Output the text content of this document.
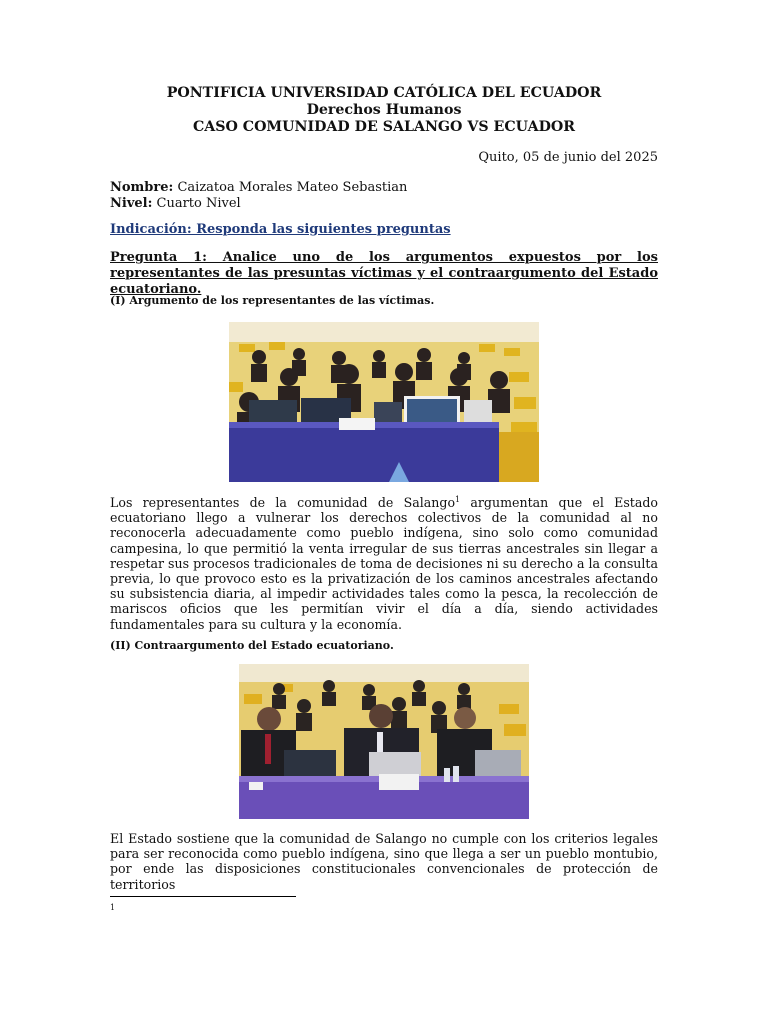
PONTIFICIA UNIVERSIDAD CATÓLICA DEL ECUADOR
Derechos Humanos
CASO COMUNIDAD DE SALANGO VS ECUADOR
Quito, 05 de junio del 2025
Nombre: Caizatoa Morales Mateo Sebastian
Nivel: Cuarto Nivel
Indicación: Responda las siguientes preguntas
Pregunta 1: Analice uno de los argumentos expuestos por los representantes de las presuntas víctimas y el contraargumento del Estado ecuatoriano.
(I) Argumento de los representantes de las víctimas.
Los representantes de la comunidad de Salango$^1$ argumentan que el Estado ecuatoriano llego a vulnerar los derechos colectivos de la comunidad al no reconocerla adecuadamente como pueblo indígena, sino solo como comunidad campesina, lo que permitió la venta irregular de sus tierras ancestrales sin llegar a respetar sus procesos tradicionales de toma de decisiones ni su derecho a la consulta previa, lo que provoco esto es la privatización de los caminos ancestrales afectando su subsistencia diaria, al impedir actividades tales como la pesca, la recolección de mariscos oficios que les permitían vivir el día a día, siendo actividades fundamentales para su cultura y la economía.
(II) Contraargumento del Estado ecuatoriano.
El Estado sostiene que la comunidad de Salango no cumple con los criterios legales para ser reconocida como pueblo indígena, sino que llega a ser un pueblo montubio, por ende las disposiciones constitucionales convencionales de protección de territorios
1
